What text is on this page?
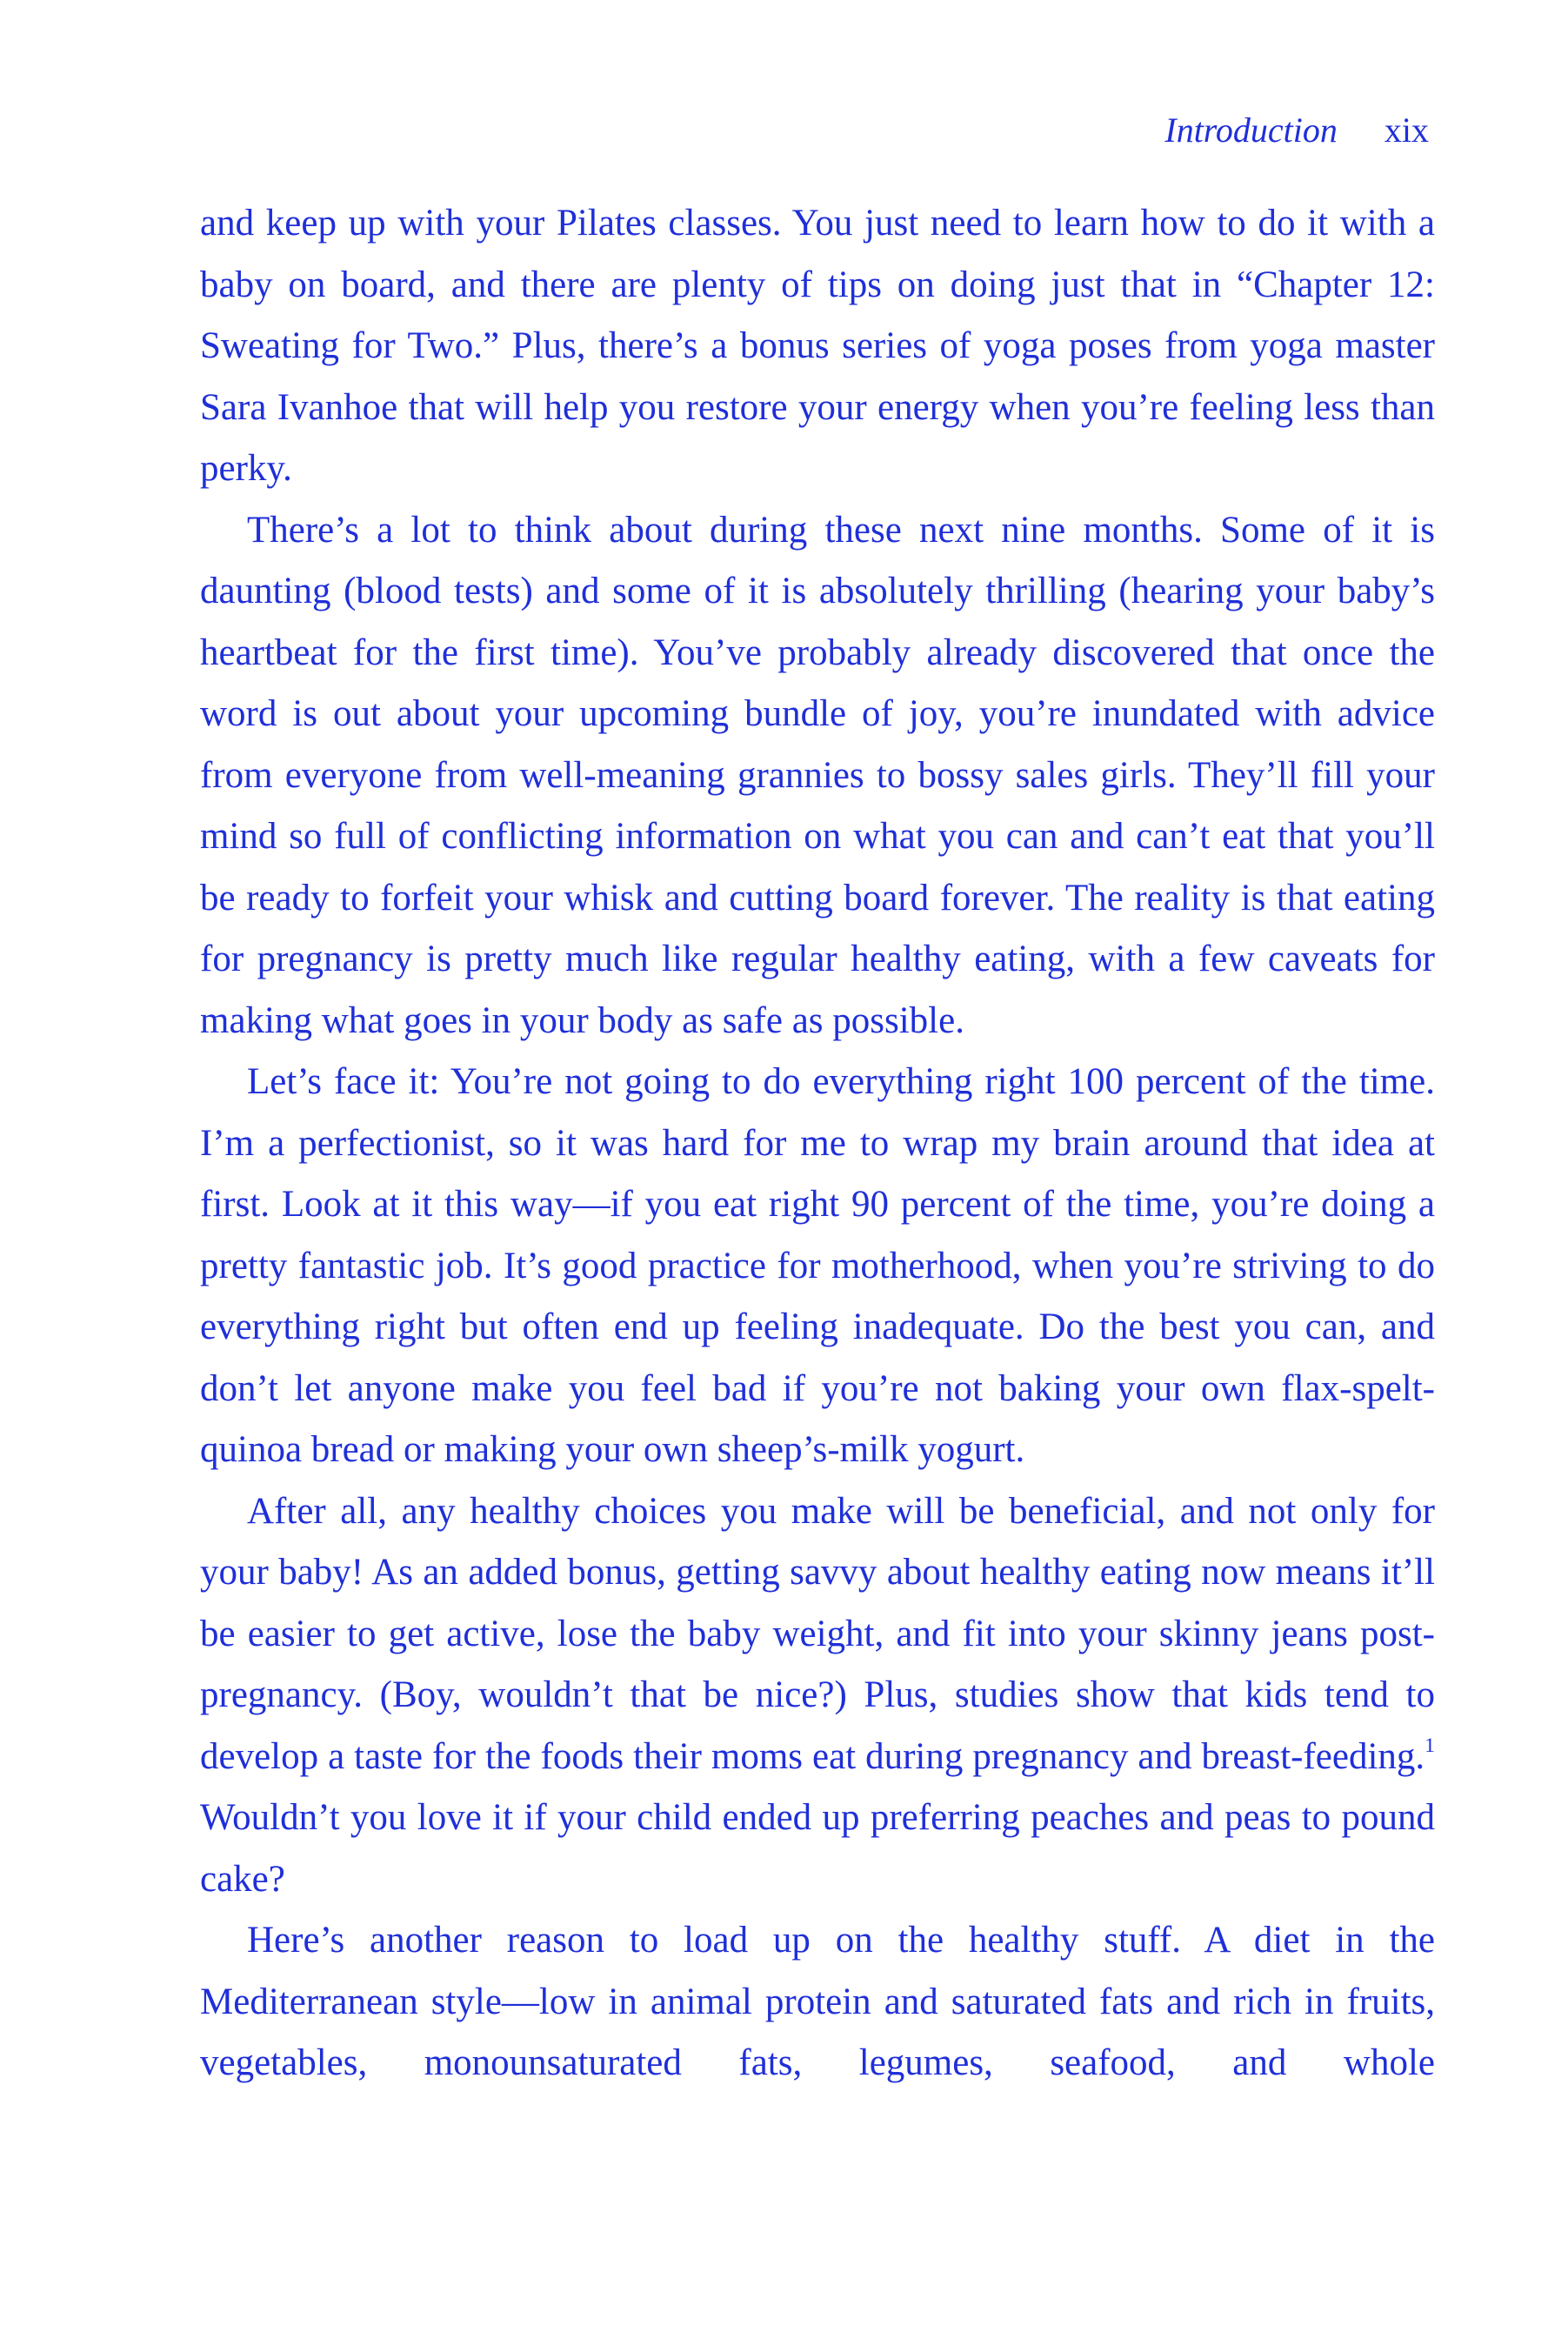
Introduction xix

and keep up with your Pilates classes. You just need to learn how to do it with a baby on board, and there are plenty of tips on doing just that in “Chapter 12: Sweating for Two.” Plus, there’s a bonus series of yoga poses from yoga master Sara Ivanhoe that will help you restore your energy when you’re feeling less than perky.

There’s a lot to think about during these next nine months. Some of it is daunting (blood tests) and some of it is absolutely thrilling (hearing your baby’s heartbeat for the first time). You’ve probably already discovered that once the word is out about your upcoming bundle of joy, you’re inundated with advice from everyone from well-meaning grannies to bossy sales girls. They’ll fill your mind so full of conflicting information on what you can and can’t eat that you’ll be ready to forfeit your whisk and cutting board forever. The reality is that eating for pregnancy is pretty much like regular healthy eating, with a few caveats for making what goes in your body as safe as possible.

Let’s face it: You’re not going to do everything right 100 percent of the time. I’m a perfectionist, so it was hard for me to wrap my brain around that idea at first. Look at it this way—if you eat right 90 percent of the time, you’re doing a pretty fantastic job. It’s good practice for motherhood, when you’re striving to do everything right but often end up feeling inadequate. Do the best you can, and don’t let anyone make you feel bad if you’re not baking your own flax-spelt-quinoa bread or making your own sheep’s-milk yogurt.

After all, any healthy choices you make will be beneficial, and not only for your baby! As an added bonus, getting savvy about healthy eating now means it’ll be easier to get active, lose the baby weight, and fit into your skinny jeans post-pregnancy. (Boy, wouldn’t that be nice?) Plus, studies show that kids tend to develop a taste for the foods their moms eat during pregnancy and breast-feeding.$^1$ Wouldn’t you love it if your child ended up preferring peaches and peas to pound cake?

Here’s another reason to load up on the healthy stuff. A diet in the Mediterranean style—low in animal protein and saturated fats and rich in fruits, vegetables, monounsaturated fats, legumes, seafood, and whole
